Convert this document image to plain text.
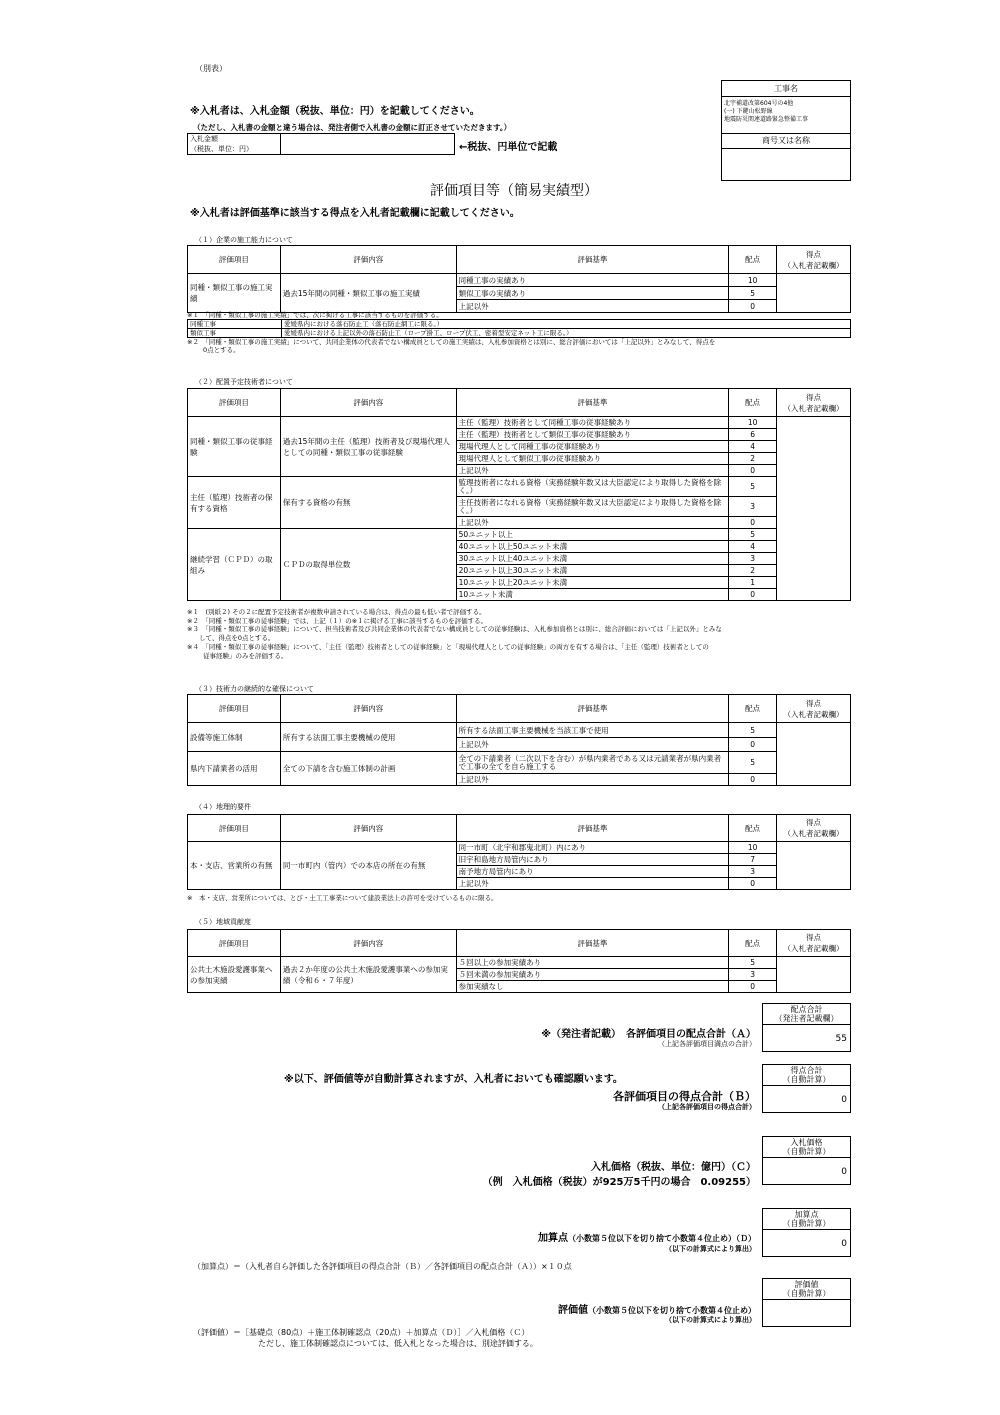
（別表）
※入札者は、入札金額（税抜、単位：円）を記載してください。
（ただし、入札書の金額と違う場合は、発注者側で入札書の金額に訂正させていただきます。）
入札金額
（税抜、単位：円）	←税抜、円単位で記載
工事名
北宇補道改第604号の4他
(一) 下鍵山松野線
地震防災関連道路緊急整備工事
商号又は名称
評価項目等（簡易実績型）
※入札者は評価基準に該当する得点を入札者記載欄に記載してください。
（１）企業の施工能力について
評価項目	評価内容	評価基準	配点	得点
（入札者記載欄）

同種・類似工事の施工実績	過去15年間の同種・類似工事の施工実績	同種工事の実績あり	10	
		類似工事の実績あり	5	
		上記以外	0	
※１　「同種・類似工事の施工実績」では、次に掲げる工事に該当するものを評価する。
同種工事	愛媛県内における落石防止工（落石防止網工に限る。）
類似工事	愛媛県内における上記以外の落石防止工（ロープ掛工、ロープ伏工、密着型安定ネット工に限る。）
※２　「同種・類似工事の施工実績」について、共同企業体の代表者でない構成員としての施工実績は、入札参加資格とは別に、総合評価においては「上記以外」とみなして、得点を
0点とする。
（２）配置予定技術者について
評価項目	評価内容	評価基準	配点	得点
（入札者記載欄）

同種・類似工事の従事経験	過去15年間の主任（監理）技術者及び現場代理人としての同種・類似工事の従事経験	主任（監理）技術者として同種工事の従事経験あり	10	
		主任（監理）技術者として類似工事の従事経験あり	6	
		現場代理人として同種工事の従事経験あり	4	
		現場代理人として類似工事の従事経験あり	2	
		上記以外	0	
主任（監理）技術者の保有する資格	保有する資格の有無	監理技術者になれる資格（実務経験年数又は大臣認定により取得した資格を除く。）	5	
		主任技術者になれる資格（実務経験年数又は大臣認定により取得した資格を除く。）	3	
		上記以外	0	
継続学習（ＣＰＤ）の取組み	ＣＰＤの取得単位数	50ユニット以上	5	
		40ユニット以上50ユニット未満	4	
		30ユニット以上40ユニット未満	3	
		20ユニット以上30ユニット未満	2	
		10ユニット以上20ユニット未満	1	
		10ユニット未満	0	
※１　(別紙２) その２に配置予定技術者が複数申請されている場合は、得点の最も低い者で評価する。
※２　「同種・類似工事の従事経験」では、上記（１）の※１に掲げる工事に該当するものを評価する。
※３　「同種・類似工事の従事経験」について、担当技術者及び共同企業体の代表者でない構成員としての従事経験は、入札参加資格とは別に、総合評価においては「上記以外」とみな
して、得点を0点とする。
※４　「同種・類似工事の従事経験」について、「主任（監理）技術者としての従事経験」と「現場代理人としての従事経験」の両方を有する場合は、「主任（監理）技術者としての
従事経験」のみを評価する。
（３）技術力の継続的な確保について
評価項目	評価内容	評価基準	配点	得点
（入札者記載欄）

設備等施工体制	所有する法面工事主要機械の使用	所有する法面工事主要機械を当該工事で使用	5	
		上記以外	0	
県内下請業者の活用	全ての下請を含む施工体制の計画	全ての下請業者（二次以下を含む）が県内業者である又は元請業者が県内業者で工事の全てを自ら施工する	5	
		上記以外	0	
（４）地理的要件
評価項目	評価内容	評価基準	配点	得点
（入札者記載欄）

本・支店、営業所の有無	同一市町内（管内）での本店の所在の有無	同一市町（北宇和郡鬼北町）内にあり	10	
		旧宇和島地方局管内にあり	7	
		南予地方局管内にあり	3	
		上記以外	0	
※　本・支店、営業所については、とび・土工工事業について建設業法上の許可を受けているものに限る。
（５）地域貢献度
評価項目	評価内容	評価基準	配点	得点
（入札者記載欄）

公共土木施設愛護事業への参加実績	過去２か年度の公共土木施設愛護事業への参加実績（令和６・７年度）	５回以上の参加実績あり	5	
		５回未満の参加実績あり	3	
		参加実績なし	0	
配点合計
（発注者記載欄）
55
※（発注者記載）　各評価項目の配点合計（Ａ）
（上記各評価項目満点の合計）
※以下、評価値等が自動計算されますが、入札者においても確認願います。
得点合計
（自動計算）
0
各評価項目の得点合計（Ｂ）
（上記各評価項目の得点合計）
入札価格
（自動計算）
0
入札価格（税抜、単位：億円）（Ｃ）
（例　入札価格（税抜）が925万5千円の場合　0.09255）
加算点
（自動計算）
0
加算点（小数第５位以下を切り捨て小数第４位止め）（Ｄ）
（以下の計算式により算出）
（加算点）＝（入札者自ら評価した各評価項目の得点合計（Ｂ）／各評価項目の配点合計（Ａ））×１０点
評価値
（自動計算）
評価値（小数第５位以下を切り捨て小数第４位止め）
（以下の計算式により算出）
（評価値）＝［基礎点（80点）＋施工体制確認点（20点）＋加算点（Ｄ）］／入札価格（Ｃ）
ただし、施工体制確認点については、低入札となった場合は、別途評価する。
